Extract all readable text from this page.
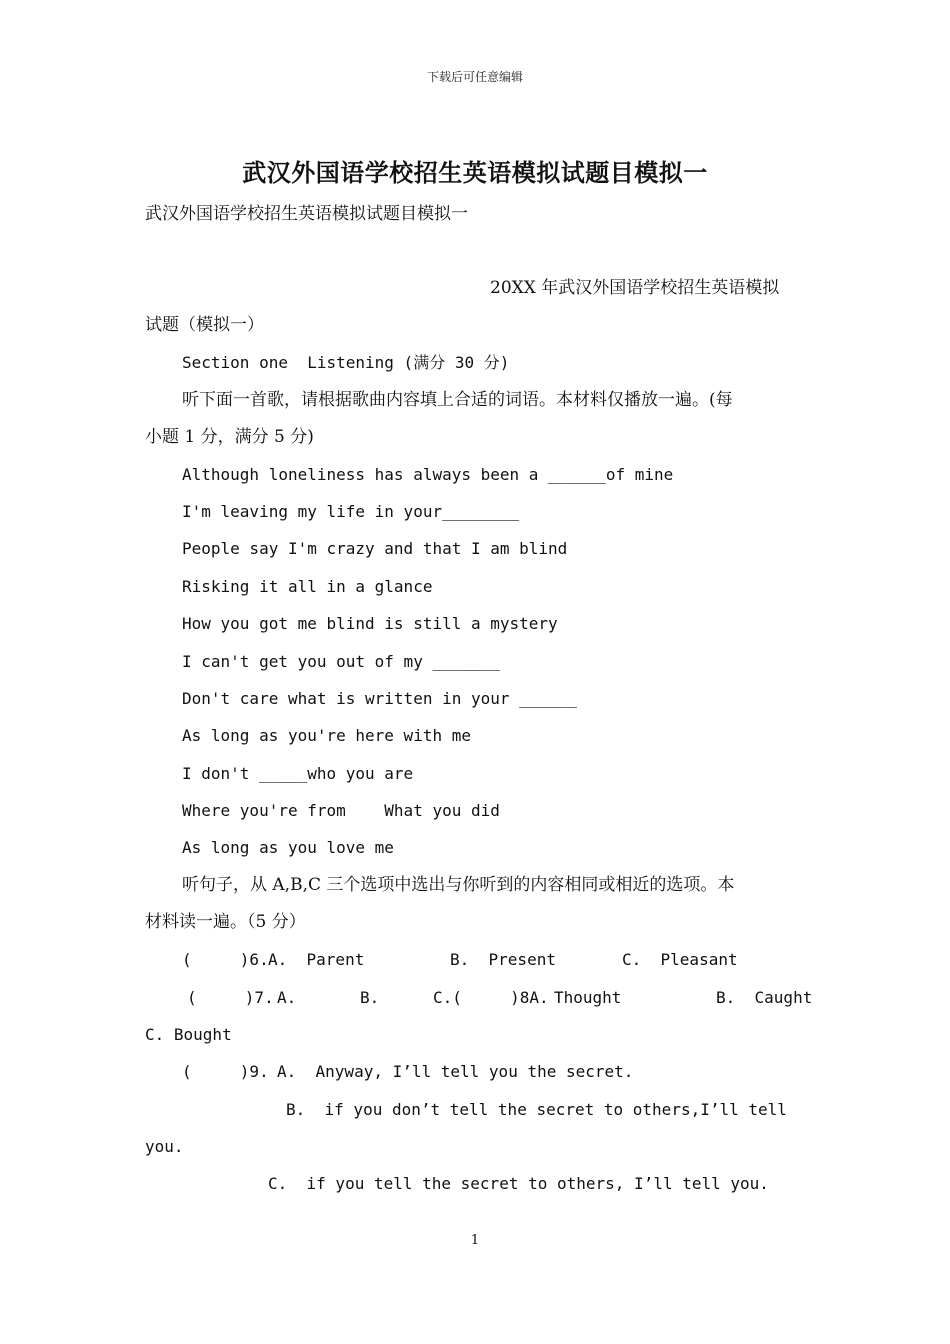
下载后可任意编辑
武汉外国语学校招生英语模拟试题目模拟一
武汉外国语学校招生英语模拟试题目模拟一
20XX 年武汉外国语学校招生英语模拟
试题（模拟一）
Section one  Listening (满分 30 分)
听下面一首歌，请根据歌曲内容填上合适的词语。本材料仅播放一遍。(每
小题 1 分，满分 5 分)
Although loneliness has always been a ______of mine
I'm leaving my life in your________
People say I'm crazy and that I am blind
Risking it all in a glance
How you got me blind is still a mystery
I can't get you out of my _______
Don't care what is written in your ______
As long as you're here with me
I don't _____who you are
Where you're from    What you did
As long as you love me
听句子，从 A,B,C 三个选项中选出与你听到的内容相同或相近的选项。本
材料读一遍。（5 分）
(     )6. A.  Parent	B.  Present	C.  Pleasant
(     )7. A.	B.	C.(     )8A. Thought	B.  Caught
C. Bought
(     )9. A.  Anyway, I’ll tell you the secret.
B.  if you don’t tell the secret to others,I’ll tell
you.
C.  if you tell the secret to others, I’ll tell you.
1
